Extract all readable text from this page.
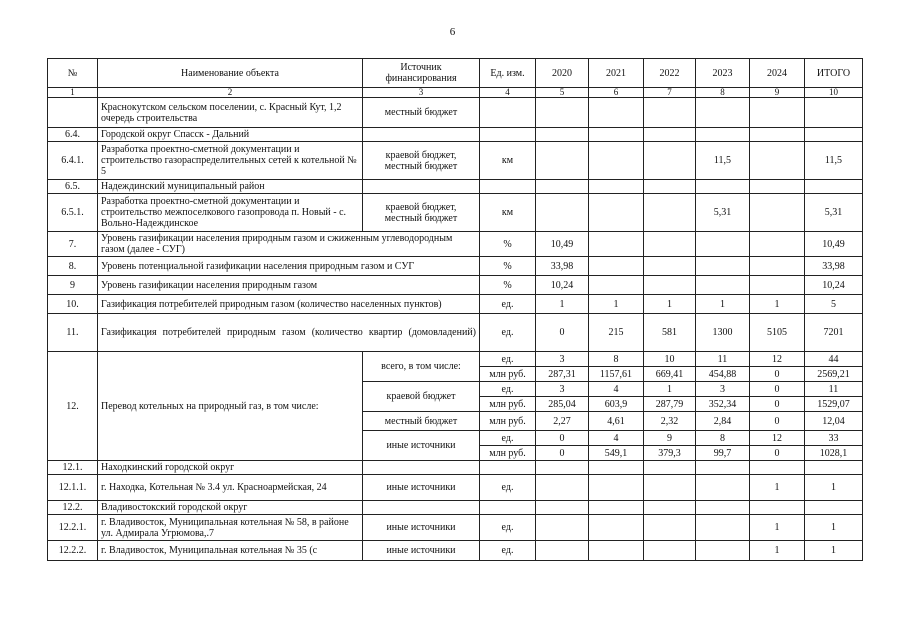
6
№	Наименование объекта	Источник финансирования	Ед. изм.	2020	2021	2022	2023	2024	ИТОГО
1	2	3	4	5	6	7	8	9	10
	Краснокутском сельском поселении, с. Красный Кут, 1,2 очередь строительства	местный бюджет							
6.4.	Городской округ Спасск - Дальний								
6.4.1.	Разработка проектно-сметной документации и строительство газораспределительных сетей к котельной № 5	краевой бюджет, местный бюджет	км				11,5		11,5
6.5.	Надеждинский муниципальный район								
6.5.1.	Разработка проектно-сметной документации и строительство межпоселкового газопровода п. Новый - с. Вольно-Надеждинское	краевой бюджет, местный бюджет	км				5,31		5,31
7.	Уровень газификации населения природным газом и сжиженным углеводородным газом (далее - СУГ)		%	10,49					10,49
8.	Уровень потенциальной газификации населения природным газом и СУГ		%	33,98					33,98
9	Уровень газификации населения природным газом		%	10,24					10,24
10.	Газификация потребителей природным газом (количество населенных пунктов)		ед.	1	1	1	1	1	5
11.	Газификация потребителей природным газом (количество квартир (домовладений)		ед.	0	215	581	1300	5105	7201
12.	Перевод котельных на природный газ, в том числе:	всего, в том числе:	ед.	3	8	10	11	12	44
			млн руб.	287,31	1157,61	669,41	454,88	0	2569,21
		краевой бюджет	ед.	3	4	1	3	0	11
			млн руб.	285,04	603,9	287,79	352,34	0	1529,07
		местный бюджет	млн руб.	2,27	4,61	2,32	2,84	0	12,04
		иные источники	ед.	0	4	9	8	12	33
			млн руб.	0	549,1	379,3	99,7	0	1028,1
12.1.	Находкинский городской округ								
12.1.1.	г. Находка, Котельная № 3.4 ул. Красноармейская, 24	иные источники	ед.					1	1
12.2.	Владивостокский городской округ								
12.2.1.	г. Владивосток, Муниципальная котельная № 58, в районе ул. Адмирала Угрюмова,.7	иные источники	ед.					1	1
12.2.2.	г. Владивосток, Муниципальная котельная № 35 (с	иные источники	ед.					1	1
